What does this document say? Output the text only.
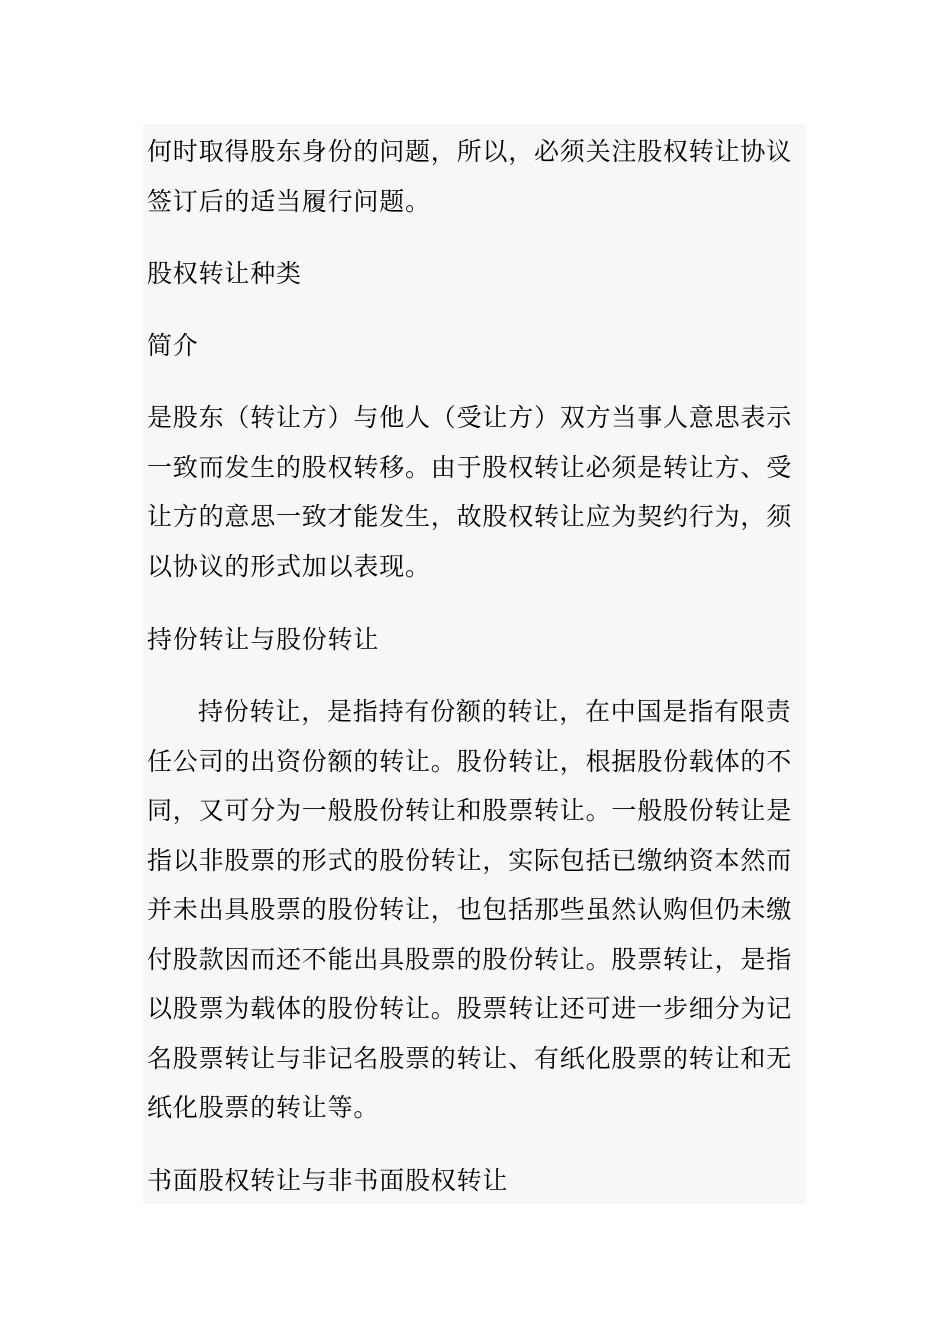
何时取得股东身份的问题，所以，必须关注股权转让协议签订后的适当履行问题。

股权转让种类

简介

是股东（转让方）与他人（受让方）双方当事人意思表示一致而发生的股权转移。由于股权转让必须是转让方、受让方的意思一致才能发生，故股权转让应为契约行为，须以协议的形式加以表现。

持份转让与股份转让

持份转让，是指持有份额的转让，在中国是指有限责任公司的出资份额的转让。股份转让，根据股份载体的不同，又可分为一般股份转让和股票转让。一般股份转让是指以非股票的形式的股份转让，实际包括已缴纳资本然而并未出具股票的股份转让，也包括那些虽然认购但仍未缴付股款因而还不能出具股票的股份转让。股票转让，是指以股票为载体的股份转让。股票转让还可进一步细分为记名股票转让与非记名股票的转让、有纸化股票的转让和无纸化股票的转让等。

书面股权转让与非书面股权转让
